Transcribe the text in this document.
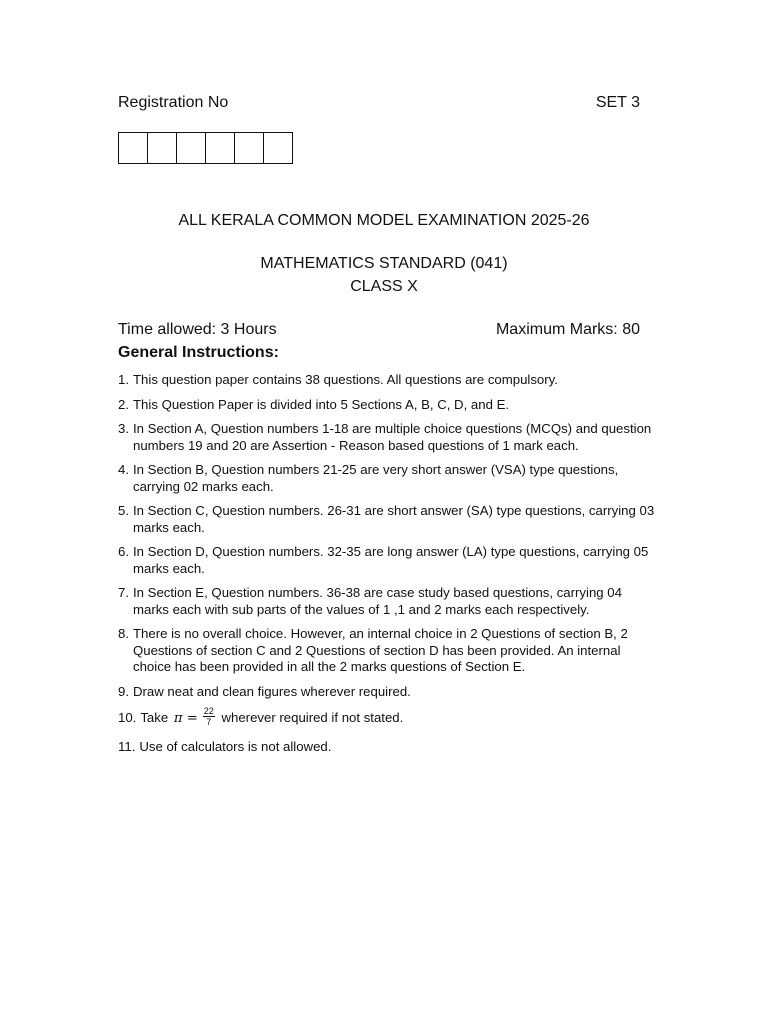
Registration No	SET 3
ALL KERALA COMMON MODEL EXAMINATION 2025-26
MATHEMATICS STANDARD (041)
CLASS X
Time allowed: 3 Hours	Maximum Marks: 80
General Instructions:
1. This question paper contains 38 questions. All questions are compulsory.
2. This Question Paper is divided into 5 Sections A, B, C, D, and E.
3. In Section A, Question numbers 1-18 are multiple choice questions (MCQs) and question numbers 19 and 20 are Assertion - Reason based questions of 1 mark each.
4. In Section B, Question numbers 21-25 are very short answer (VSA) type questions, carrying 02 marks each.
5. In Section C, Question numbers. 26-31 are short answer (SA) type questions, carrying 03 marks each.
6. In Section D, Question numbers. 32-35 are long answer (LA) type questions, carrying 05 marks each.
7. In Section E, Question numbers. 36-38 are case study based questions, carrying 04 marks each with sub parts of the values of 1 ,1 and 2 marks each respectively.
8. There is no overall choice. However, an internal choice in 2 Questions of section B, 2 Questions of section C and 2 Questions of section D has been provided. An internal choice has been provided in all the 2 marks questions of Section E.
9. Draw neat and clean figures wherever required.
10. Take $\pi = \frac{22}{7}$ wherever required if not stated.
11. Use of calculators is not allowed.
